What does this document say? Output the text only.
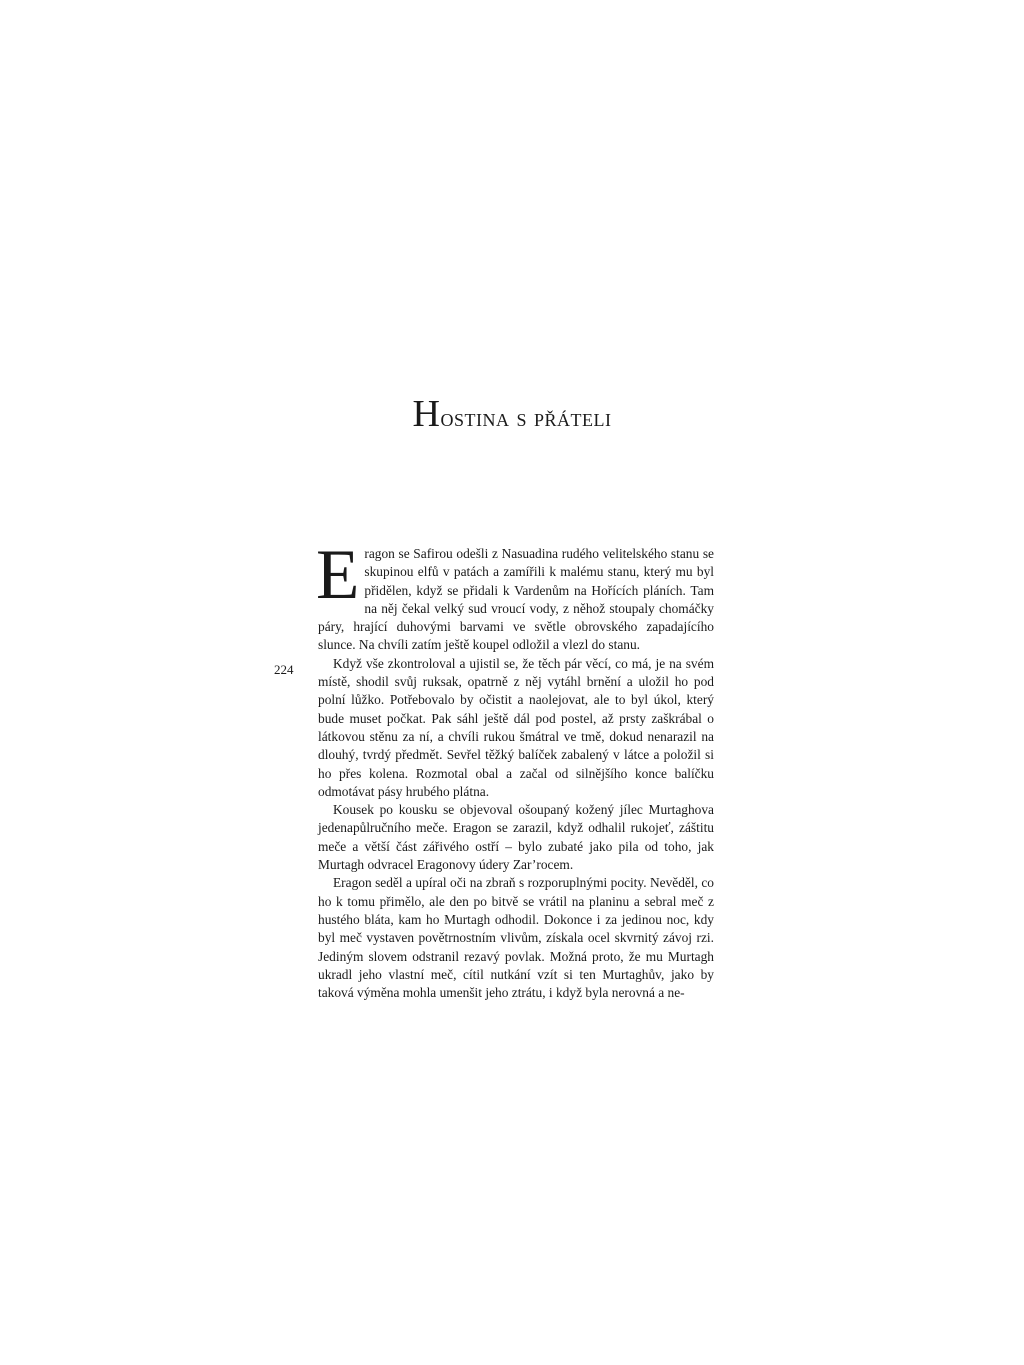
Hostina s přáteli
224

Eragon se Safirou odešli z Nasuadina rudého velitelského stanu se skupinou elfů v patách a zamířili k malému stanu, který mu byl přidělen, když se přidali k Vardenům na Hořících pláních. Tam na něj čekal velký sud vroucí vody, z něhož stoupaly chomáčky páry, hrající duhovými barvami ve světle obrovského zapadajícího slunce. Na chvíli zatím ještě koupel odložil a vlezl do stanu.

Když vše zkontroloval a ujistil se, že těch pár věcí, co má, je na svém místě, shodil svůj ruksak, opatrně z něj vytáhl brnění a uložil ho pod polní lůžko. Potřebovalo by očistit a naolejovat, ale to byl úkol, který bude muset počkat. Pak sáhl ještě dál pod postel, až prsty zaškrábal o látkovou stěnu za ní, a chvíli rukou šmátral ve tmě, dokud nenarazil na dlouhý, tvrdý předmět. Sevřel těžký balíček zabalený v látce a položil si ho přes kolena. Rozmotal obal a začal od silnějšího konce balíčku odmotávat pásy hrubého plátna.

Kousek po kousku se objevoval ošoupaný kožený jílec Murtaghova jedenapůlručního meče. Eragon se zarazil, když odhalil rukojeť, záštitu meče a větší část zářivého ostří – bylo zubaté jako pila od toho, jak Murtagh odvracel Eragonovy údery Zar’rocem.

Eragon seděl a upíral oči na zbraň s rozporuplnými pocity. Nevěděl, co ho k tomu přimělo, ale den po bitvě se vrátil na planinu a sebral meč z hustého bláta, kam ho Murtagh odhodil. Dokonce i za jedinou noc, kdy byl meč vystaven povětrnostním vlivům, získala ocel skvrnitý závoj rzi. Jediným slovem odstranil rezavý povlak. Možná proto, že mu Murtagh ukradl jeho vlastní meč, cítil nutkání vzít si ten Murtaghův, jako by taková výměna mohla umenšit jeho ztrátu, i když byla nerovná a ne-
